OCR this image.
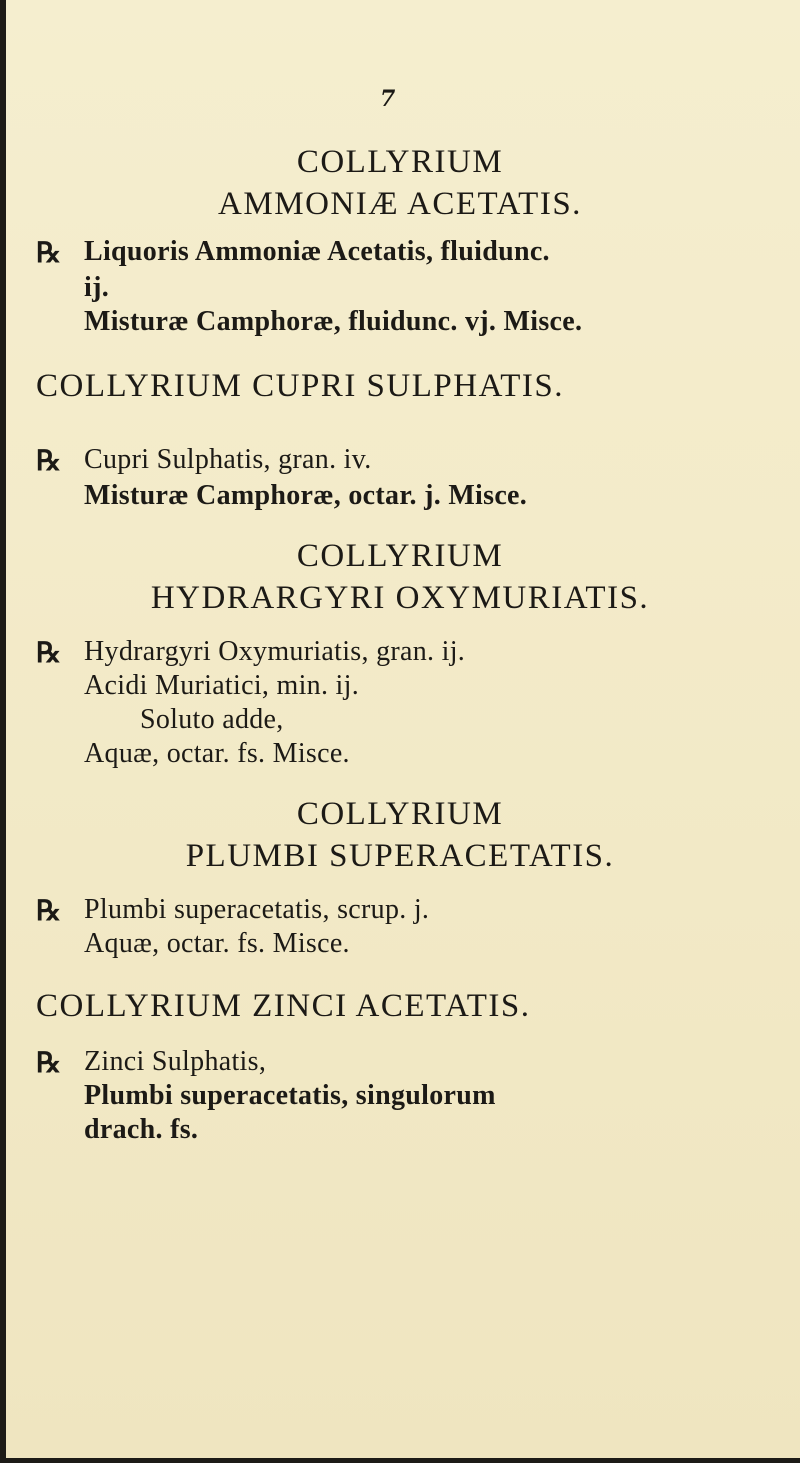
7
COLLYRIUM
AMMONIÆ ACETATIS.
℞ Liquoris Ammoniæ Acetatis, fluidunc.
ij.
Misturæ Camphoræ, fluidunc. vj. Misce.
COLLYRIUM CUPRI SULPHATIS.
℞ Cupri Sulphatis, gran. iv.
Misturæ Camphoræ, octar. j. Misce.
COLLYRIUM
HYDRARGYRI OXYMURIATIS.
℞ Hydrargyri Oxymuriatis, gran. ij.
Acidi Muriatici, min. ij.
Soluto adde,
Aquæ, octar. fs. Misce.
COLLYRIUM
PLUMBI SUPERACETATIS.
℞ Plumbi superacetatis, scrup. j.
Aquæ, octar. fs. Misce.
COLLYRIUM ZINCI ACETATIS.
℞ Zinci Sulphatis,
Plumbi superacetatis, singulorum
drach. fs.
